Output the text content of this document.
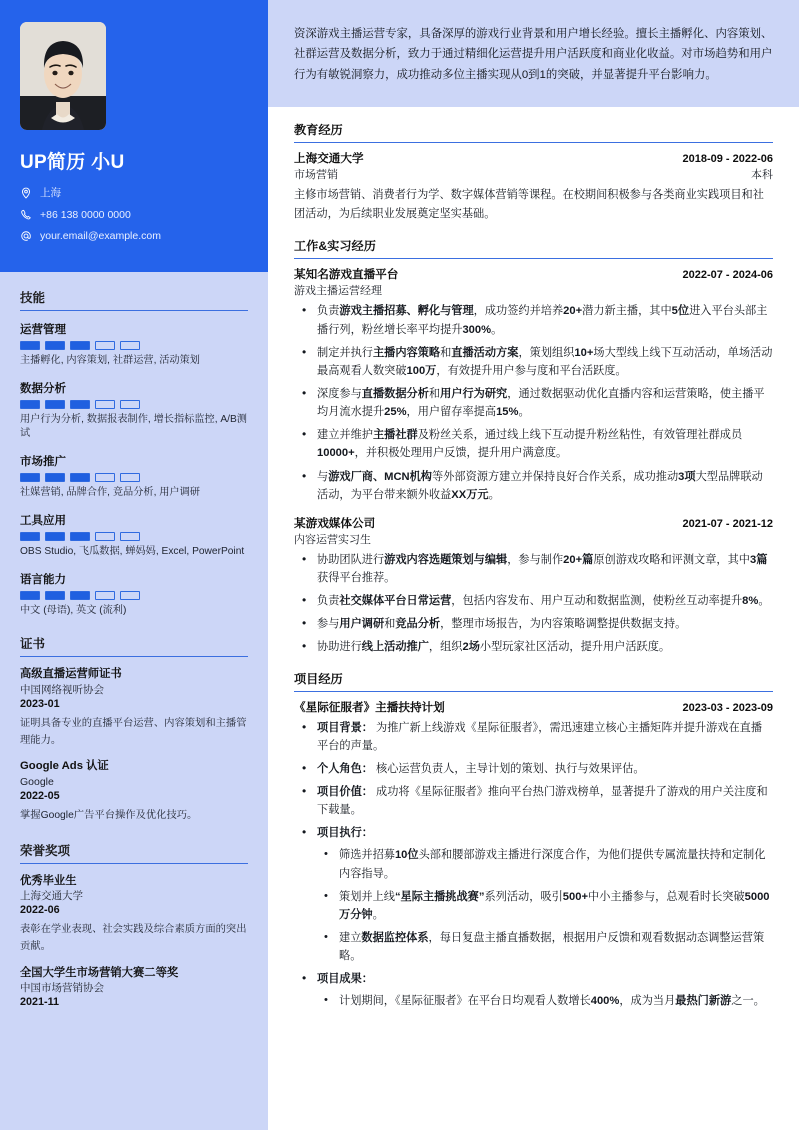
UP简历 小U
上海
+86 138 0000 0000
your.email@example.com
技能
运营管理
主播孵化, 内容策划, 社群运营, 活动策划
数据分析
用户行为分析, 数据报表制作, 增长指标监控, A/B测试
市场推广
社媒营销, 品牌合作, 竞品分析, 用户调研
工具应用
OBS Studio, 飞瓜数据, 蝉妈妈, Excel, PowerPoint
语言能力
中文 (母语), 英文 (流利)
证书
高级直播运营师证书
中国网络视听协会
2023-01
证明具备专业的直播平台运营、内容策划和主播管理能力。
Google Ads 认证
Google
2022-05
掌握Google广告平台操作及优化技巧。
荣誉奖项
优秀毕业生
上海交通大学
2022-06
表彰在学业表现、社会实践及综合素质方面的突出贡献。
全国大学生市场营销大赛二等奖
中国市场营销协会
2021-11
资深游戏主播运营专家，具备深厚的游戏行业背景和用户增长经验。擅长主播孵化、内容策划、社群运营及数据分析，致力于通过精细化运营提升用户活跃度和商业化收益。对市场趋势和用户行为有敏锐洞察力，成功推动多位主播实现从0到1的突破，并显著提升平台影响力。
教育经历
上海交通大学	2018-09 - 2022-06
市场营销	本科
主修市场营销、消费者行为学、数字媒体营销等课程。在校期间积极参与各类商业实践项目和社团活动，为后续职业发展奠定坚实基础。
工作&实习经历
某知名游戏直播平台	2022-07 - 2024-06
游戏主播运营经理
• 负责游戏主播招募、孵化与管理，成功签约并培养20+潜力新主播，其中5位进入平台头部主播行列，粉丝增长率平均提升300%。
• 制定并执行主播内容策略和直播活动方案，策划组织10+场大型线上线下互动活动，单场活动最高观看人数突破100万，有效提升用户参与度和平台活跃度。
• 深度参与直播数据分析和用户行为研究，通过数据驱动优化直播内容和运营策略，使主播平均月流水提升25%，用户留存率提高15%。
• 建立并维护主播社群及粉丝关系，通过线上线下互动提升粉丝粘性，有效管理社群成员10000+，并积极处理用户反馈，提升用户满意度。
• 与游戏厂商、MCN机构等外部资源方建立并保持良好合作关系，成功推动3项大型品牌联动活动，为平台带来额外收益XX万元。
某游戏媒体公司	2021-07 - 2021-12
内容运营实习生
• 协助团队进行游戏内容选题策划与编辑，参与制作20+篇原创游戏攻略和评测文章，其中3篇获得平台推荐。
• 负责社交媒体平台日常运营，包括内容发布、用户互动和数据监测，使粉丝互动率提升8%。
• 参与用户调研和竞品分析，整理市场报告，为内容策略调整提供数据支持。
• 协助进行线上活动推广，组织2场小型玩家社区活动，提升用户活跃度。
项目经历
《星际征服者》主播扶持计划	2023-03 - 2023-09
• 项目背景： 为推广新上线游戏《星际征服者》，需迅速建立核心主播矩阵并提升游戏在直播平台的声量。
• 个人角色： 核心运营负责人，主导计划的策划、执行与效果评估。
• 项目价值： 成功将《星际征服者》推向平台热门游戏榜单，显著提升了游戏的用户关注度和下载量。
• 项目执行：
• 筛选并招募10位头部和腰部游戏主播进行深度合作，为他们提供专属流量扶持和定制化内容指导。
• 策划并上线“星际主播挑战赛”系列活动，吸引500+中小主播参与，总观看时长突破5000万分钟。
• 建立数据监控体系，每日复盘主播直播数据，根据用户反馈和观看数据动态调整运营策略。
• 项目成果：
• 计划期间，《星际征服者》在平台日均观看人数增长400%，成为当月最热门新游之一。
